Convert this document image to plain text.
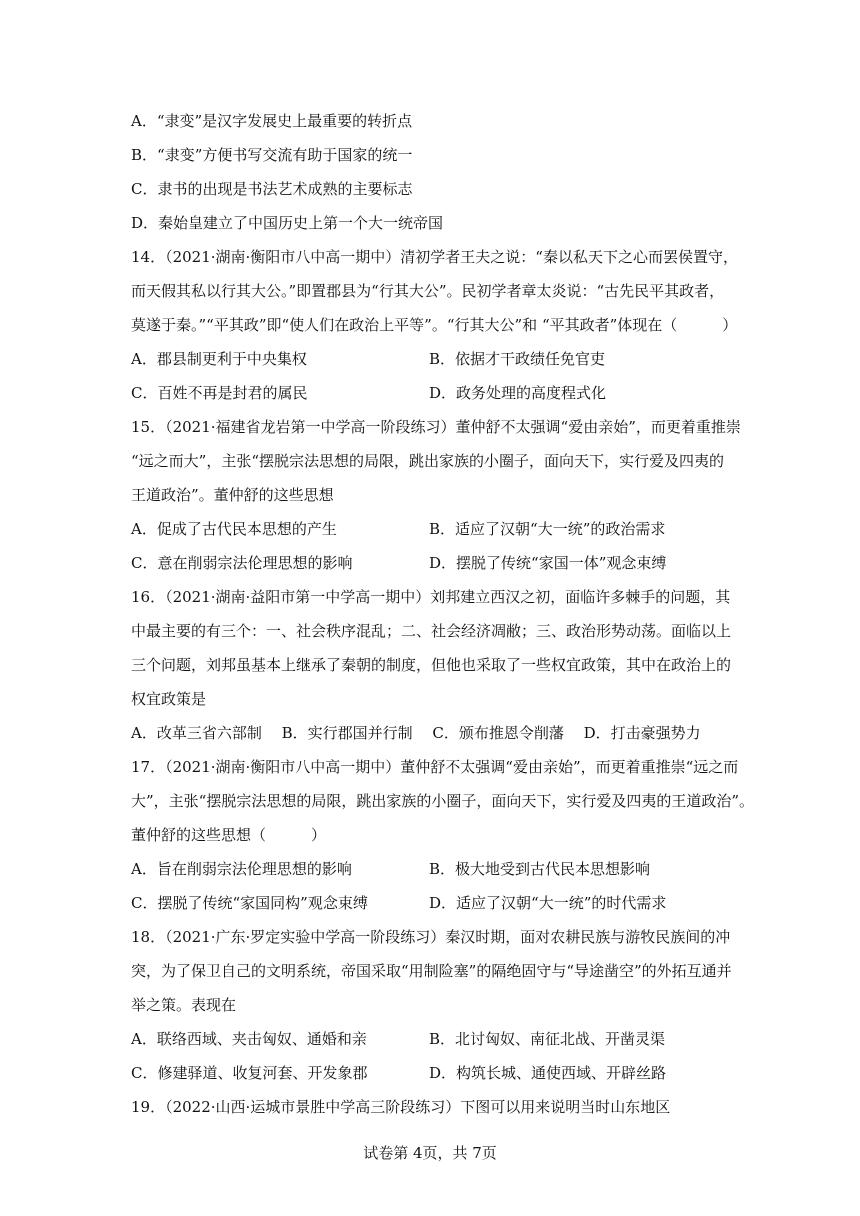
A．“隶变”是汉字发展史上最重要的转折点
B．“隶变”方便书写交流有助于国家的统一
C．隶书的出现是书法艺术成熟的主要标志
D．秦始皇建立了中国历史上第一个大一统帝国
14．（2021·湖南·衡阳市八中高一期中）清初学者王夫之说：“秦以私天下之心而罢侯置守，
而天假其私以行其大公。”即置郡县为“行其大公”。民初学者章太炎说：“古先民平其政者，
莫遂于秦。”“平其政”即“使人们在政治上平等”。“行其大公”和 “平其政者”体现在（　　　）
A．郡县制更利于中央集权	B．依据才干政绩任免官吏
C．百姓不再是封君的属民	D．政务处理的高度程式化
15．（2021·福建省龙岩第一中学高一阶段练习）董仲舒不太强调“爱由亲始”，而更着重推崇
“远之而大”，主张“摆脱宗法思想的局限，跳出家族的小圈子，面向天下，实行爱及四夷的
王道政治”。董仲舒的这些思想
A．促成了古代民本思想的产生	B．适应了汉朝“大一统”的政治需求
C．意在削弱宗法伦理思想的影响	D．摆脱了传统“家国一体”观念束缚
16．（2021·湖南·益阳市第一中学高一期中）刘邦建立西汉之初，面临许多棘手的问题，其
中最主要的有三个：一、社会秩序混乱；二、社会经济凋敝；三、政治形势动荡。面临以上
三个问题，刘邦虽基本上继承了秦朝的制度，但他也采取了一些权宜政策，其中在政治上的
权宜政策是
A．改革三省六部制　 B．实行郡国并行制　 C．颁布推恩令削藩　 D．打击豪强势力
17．（2021·湖南·衡阳市八中高一期中）董仲舒不太强调“爱由亲始”，而更着重推崇“远之而
大”，主张“摆脱宗法思想的局限，跳出家族的小圈子，面向天下，实行爱及四夷的王道政治”。
董仲舒的这些思想（　　　）
A．旨在削弱宗法伦理思想的影响	B．极大地受到古代民本思想影响
C．摆脱了传统“家国同构”观念束缚	D．适应了汉朝“大一统”的时代需求
18．（2021·广东·罗定实验中学高一阶段练习）秦汉时期，面对农耕民族与游牧民族间的冲
突，为了保卫自己的文明系统，帝国采取“用制险塞”的隔绝固守与“导途凿空”的外拓互通并
举之策。表现在
A．联络西域、夹击匈奴、通婚和亲	B．北讨匈奴、南征北战、开凿灵渠
C．修建驿道、收复河套、开发象郡	D．构筑长城、通使西域、开辟丝路
19．（2022·山西·运城市景胜中学高三阶段练习）下图可以用来说明当时山东地区
试卷第 4页，共 7页
